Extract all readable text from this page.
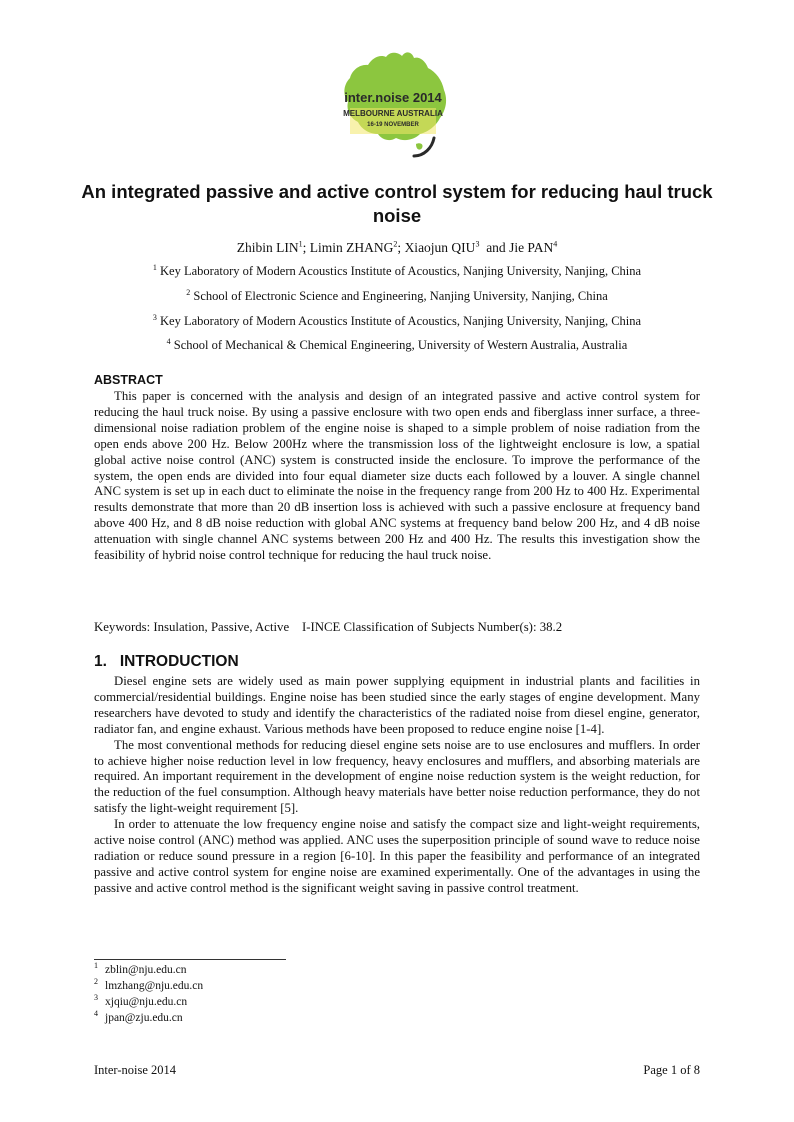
inter.noise 2014
MELBOURNE AUSTRALIA
16-19 NOVEMBER
An integrated passive and active control system for reducing haul truck noise

Zhibin LIN$^1$; Limin ZHANG$^2$; Xiaojun QIU$^3$  and Jie PAN$^4$

$^1$ Key Laboratory of Modern Acoustics Institute of Acoustics, Nanjing University, Nanjing, China

$^2$ School of Electronic Science and Engineering, Nanjing University, Nanjing, China

$^3$ Key Laboratory of Modern Acoustics Institute of Acoustics, Nanjing University, Nanjing, China

$^4$ School of Mechanical & Chemical Engineering, University of Western Australia, Australia

ABSTRACT

This paper is concerned with the analysis and design of an integrated passive and active control system for reducing the haul truck noise. By using a passive enclosure with two open ends and fiberglass inner surface, a three-dimensional noise radiation problem of the engine noise is shaped to a simple problem of noise radiation from the open ends above 200 Hz. Below 200Hz where the transmission loss of the lightweight enclosure is low, a spatial global active noise control (ANC) system is constructed inside the enclosure. To improve the performance of the system, the open ends are divided into four equal diameter size ducts each followed by a louver. A single channel ANC system is set up in each duct to eliminate the noise in the frequency range from 200 Hz to 400 Hz. Experimental results demonstrate that more than 20 dB insertion loss is achieved with such a passive enclosure at frequency band above 400 Hz, and 8 dB noise reduction with global ANC systems at frequency band below 200 Hz, and 4 dB noise attenuation with single channel ANC systems between 200 Hz and 400 Hz. The results this investigation show the feasibility of hybrid noise control technique for reducing the haul truck noise.

Keywords: Insulation, Passive, Active I-INCE Classification of Subjects Number(s): 38.2

1. INTRODUCTION

Diesel engine sets are widely used as main power supplying equipment in industrial plants and facilities in commercial/residential buildings. Engine noise has been studied since the early stages of engine development. Many researchers have devoted to study and identify the characteristics of the radiated noise from diesel engine, generator, radiator fan, and engine exhaust. Various methods have been proposed to reduce engine noise [1-4].

The most conventional methods for reducing diesel engine sets noise are to use enclosures and mufflers. In order to achieve higher noise reduction level in low frequency, heavy enclosures and mufflers, and absorbing materials are required. An important requirement in the development of engine noise reduction system is the weight reduction, for the reduction of the fuel consumption. Although heavy materials have better noise reduction performance, they do not satisfy the light-weight requirement [5].

In order to attenuate the low frequency engine noise and satisfy the compact size and light-weight requirements, active noise control (ANC) method was applied. ANC uses the superposition principle of sound wave to reduce noise radiation or reduce sound pressure in a region [6-10]. In this paper the feasibility and performance of an integrated passive and active control system for engine noise are examined experimentally. One of the advantages in using the passive and active control method is the significant weight saving in passive control treatment.

$^1$ zblin@nju.edu.cn

$^2$ lmzhang@nju.edu.cn

$^3$ xjqiu@nju.edu.cn

$^4$ jpan@zju.edu.cn

Inter-noise 2014	Page 1 of 8
